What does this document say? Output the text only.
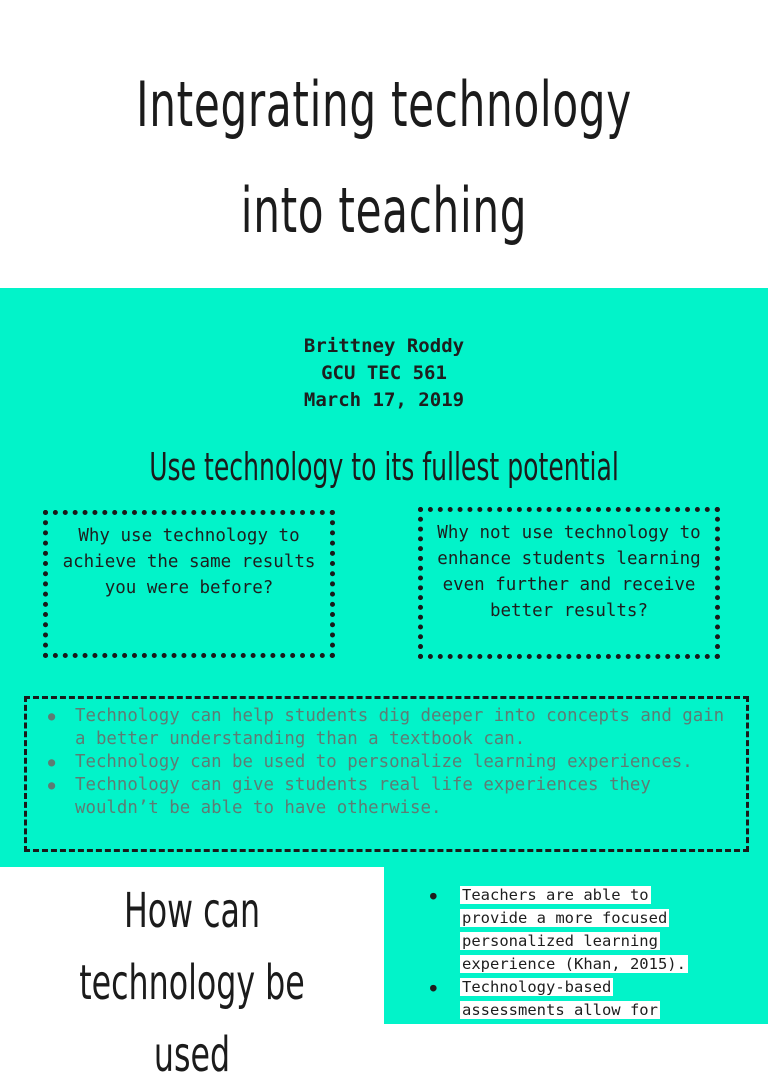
Integrating technology
into teaching
Brittney Roddy
GCU TEC 561
March 17, 2019
Use technology to its fullest potential
Why use technology to achieve the same results you were before?
Why not use technology to enhance students learning even further and receive better results?
● Technology can help students dig deeper into concepts and gain a better understanding than a textbook can.
● Technology can be used to personalize learning experiences.
● Technology can give students real life experiences they wouldn’t be able to have otherwise.
How can
technology be used
● Teachers are able to
provide a more focused
personalized learning
experience (Khan, 2015).
● Technology-based
assessments allow for
